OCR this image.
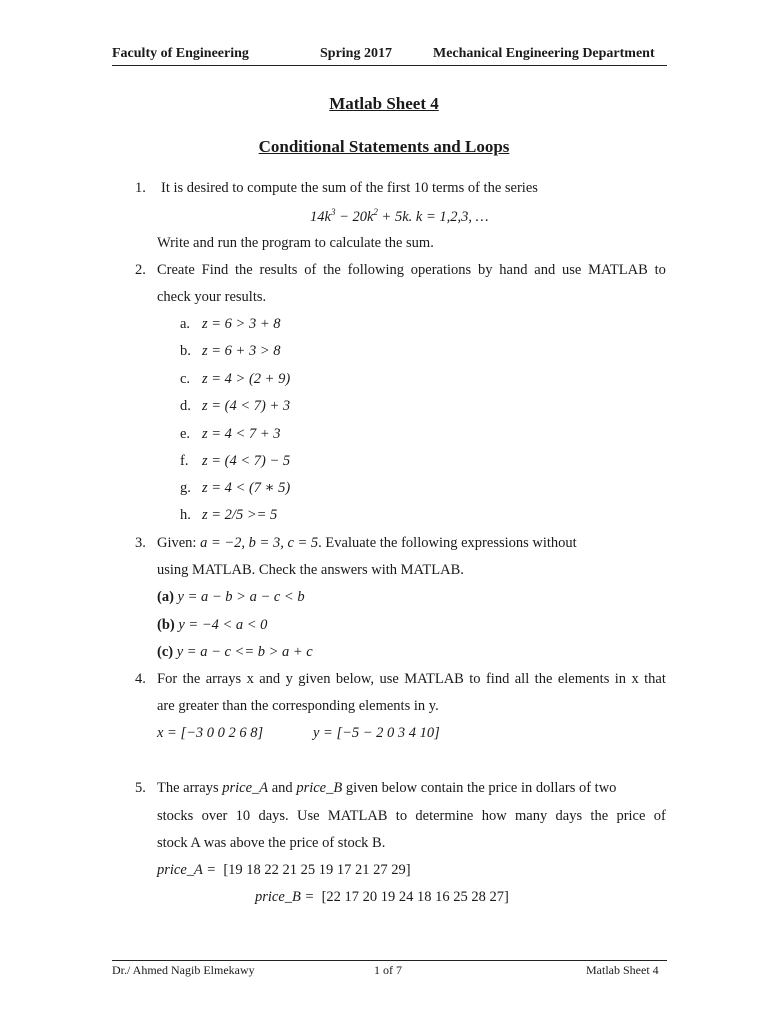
Faculty of Engineering	Spring 2017	Mechanical Engineering Department
Matlab Sheet 4
Conditional Statements and Loops
1. It is desired to compute the sum of the first 10 terms of the series
$14k^3 - 20k^2 + 5k$. k = 1,2,3, …
Write and run the program to calculate the sum.
2. Create Find the results of the following operations by hand and use MATLAB to
check your results.
a. z = 6 > 3 + 8
b. z = 6 + 3 > 8
c. z = 4 > (2 + 9)
d. z = (4 < 7) + 3
e. z = 4 < 7 + 3
f. z = (4 < 7) − 5
g. z = 4 < (7 ∗ 5)
h. z = 2/5 >= 5
3. Given: a = −2, b = 3, c = 5. Evaluate the following expressions without
using MATLAB. Check the answers with MATLAB.
(a) y = a − b > a − c < b
(b) y = −4 < a < 0
(c) y = a − c <= b > a + c
4. For the arrays x and y given below, use MATLAB to find all the elements in x that
are greater than the corresponding elements in y.
x = [−3 0 0 2 6 8]	y = [−5 − 2 0 3 4 10]
5. The arrays price_A and price_B given below contain the price in dollars of two
stocks over 10 days. Use MATLAB to determine how many days the price of
stock A was above the price of stock B.
price_A = [19 18 22 21 25 19 17 21 27 29]
price_B = [22 17 20 19 24 18 16 25 28 27]
Dr./ Ahmed Nagib Elmekawy	1 of 7	Matlab Sheet 4
